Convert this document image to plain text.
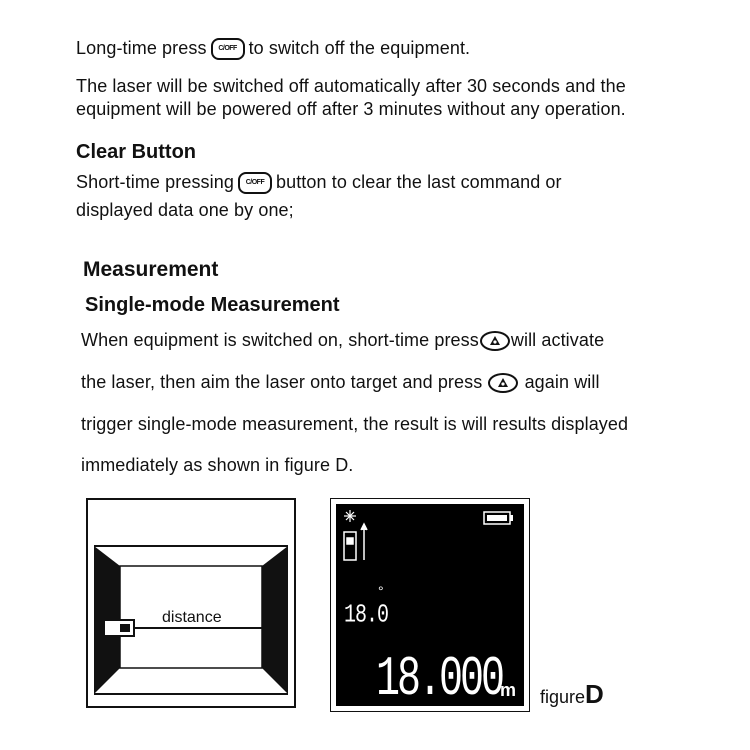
Long-time press C/OFF to switch off the equipment.
The laser will be switched off automatically after 30 seconds and the
equipment will be powered off after 3 minutes without any operation.
Clear Button
Short-time pressing C/OFF button to clear the last command or
displayed data one by one;
Measurement
Single-mode Measurement
When equipment is switched on, short-time press will activate
the laser, then aim the laser onto target and press again will
trigger single-mode measurement, the result is will results displayed
immediately as shown in figure D.
distance	18.0
°
18.000
m figureD
